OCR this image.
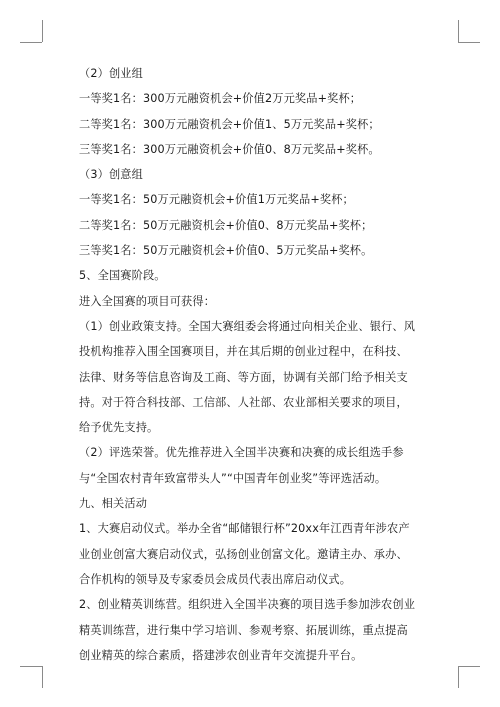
（2）创业组

一等奖1名：300万元融资机会+价值2万元奖品+奖杯；

二等奖1名：300万元融资机会+价值1、5万元奖品+奖杯；

三等奖1名：300万元融资机会+价值0、8万元奖品+奖杯。

（3）创意组

一等奖1名：50万元融资机会+价值1万元奖品+奖杯；

二等奖1名：50万元融资机会+价值0、8万元奖品+奖杯；

三等奖1名：50万元融资机会+价值0、5万元奖品+奖杯。

5、全国赛阶段。

进入全国赛的项目可获得：

（1）创业政策支持。全国大赛组委会将通过向相关企业、银行、风投机构推荐入围全国赛项目，并在其后期的创业过程中，在科技、法律、财务等信息咨询及工商、等方面，协调有关部门给予相关支持。对于符合科技部、工信部、人社部、农业部相关要求的项目，给予优先支持。

（2）评选荣誉。优先推荐进入全国半决赛和决赛的成长组选手参与“全国农村青年致富带头人”“中国青年创业奖”等评选活动。

九、相关活动

1、大赛启动仪式。举办全省“邮储银行杯”20xx年江西青年涉农产业创业创富大赛启动仪式，弘扬创业创富文化。邀请主办、承办、合作机构的领导及专家委员会成员代表出席启动仪式。

2、创业精英训练营。组织进入全国半决赛的项目选手参加涉农创业精英训练营，进行集中学习培训、参观考察、拓展训练，重点提高创业精英的综合素质，搭建涉农创业青年交流提升平台。
